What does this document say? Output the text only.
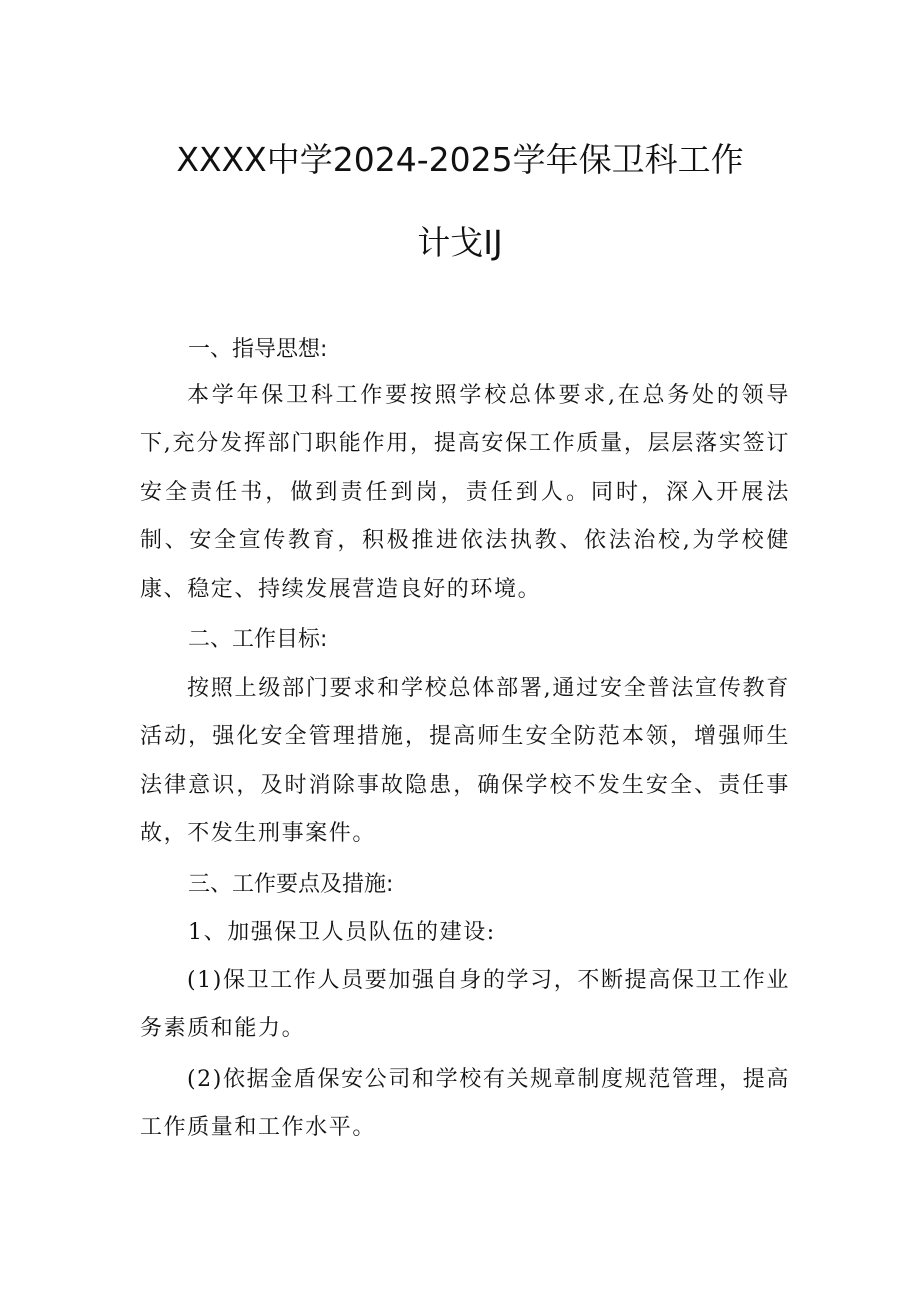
XXXX中学2024-2025学年保卫科工作
计戈IJ
一、指导思想:

本学年保卫科工作要按照学校总体要求,在总务处的领导下,充分发挥部门职能作用，提高安保工作质量，层层落实签订安全责任书，做到责任到岗，责任到人。同时，深入开展法制、安全宣传教育，积极推进依法执教、依法治校,为学校健康、稳定、持续发展营造良好的环境。

二、工作目标:

按照上级部门要求和学校总体部署,通过安全普法宣传教育活动，强化安全管理措施，提高师生安全防范本领，增强师生法律意识，及时消除事故隐患，确保学校不发生安全、责任事故，不发生刑事案件。

三、工作要点及措施:

1、加强保卫人员队伍的建设:

(1)保卫工作人员要加强自身的学习，不断提高保卫工作业务素质和能力。

(2)依据金盾保安公司和学校有关规章制度规范管理，提高工作质量和工作水平。
